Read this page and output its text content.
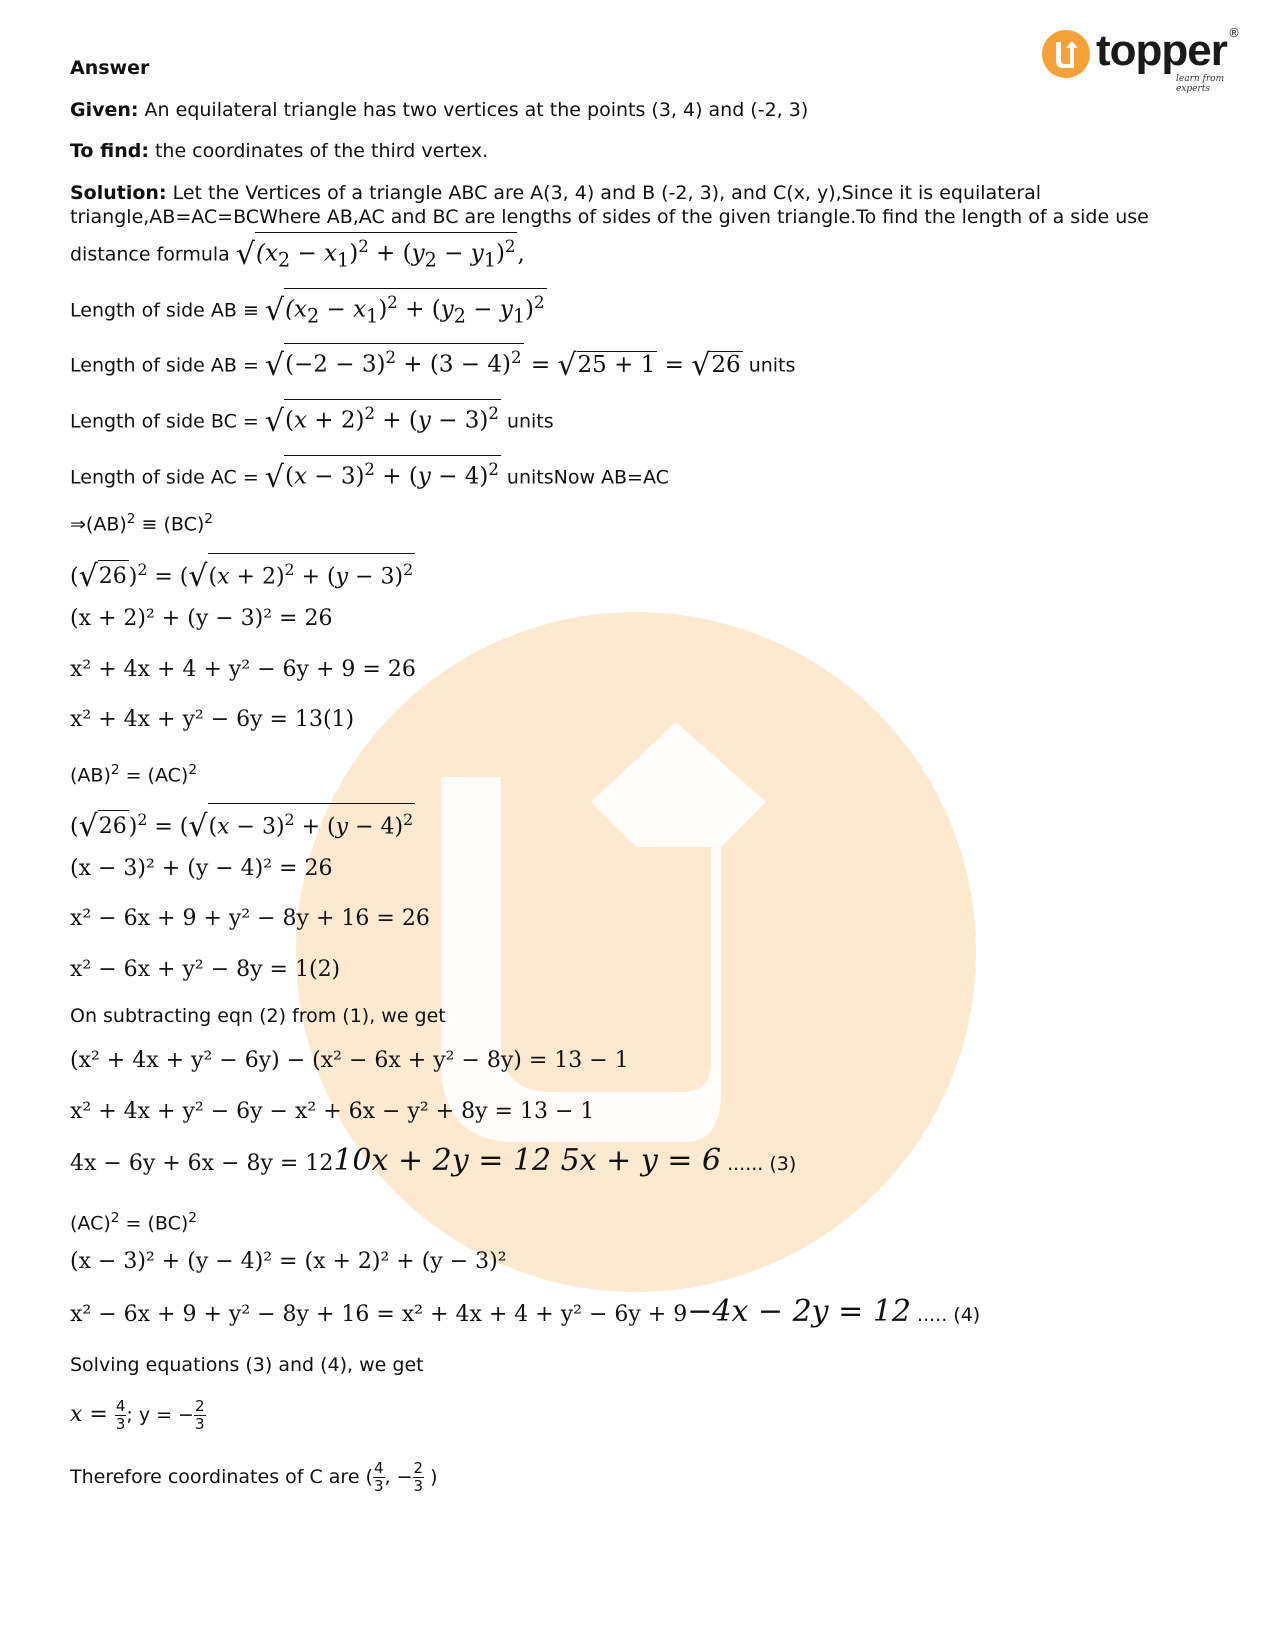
topper ®
learn from experts
Answer
Given: An equilateral triangle has two vertices at the points (3, 4) and (-2, 3)
To find: the coordinates of the third vertex.
Solution: Let the Vertices of a triangle ABC are A(3, 4) and B (-2, 3), and C(x, y),Since it is equilateral
triangle,AB=AC=BCWhere AB,AC and BC are lengths of sides of the given triangle.To find the length of a side use
distance formula $√(x_2 - x_1)^2 + (y_2 - y_1)^2$,
Length of side AB ≡ $√(x_2 - x_1)^2 + (y_2 - y_1)^2$
Length of side AB = $√(-2 - 3)^2 + (3 - 4)^2 = √25 + 1 = √26$ units
Length of side BC = $√(x + 2)^2 + (y - 3)^2$ units
Length of side AC = $√(x - 3)^2 + (y - 4)^2$ unitsNow AB=AC
⇒(AB)$^2$ ≡ (BC)$^2$
$(√26)^2 = (√(x + 2)^2 + (y - 3)^2$
(x + 2)² + (y − 3)² = 26
x² + 4x + 4 + y² − 6y + 9 = 26
x² + 4x + y² − 6y = 13(1)
(AB)$^2$ = (AC)$^2$
$(√26)^2 = (√(x - 3)^2 + (y - 4)^2$
(x − 3)² + (y − 4)² = 26
x² − 6x + 9 + y² − 8y + 16 = 26
x² − 6x + y² − 8y = 1(2)
On subtracting eqn (2) from (1), we get
(x² + 4x + y² − 6y) − (x² − 6x + y² − 8y) = 13 − 1
x² + 4x + y² − 6y − x² + 6x − y² + 8y = 13 − 1
4x − 6y + 6x − 8y = 1210x + 2y = 12 5x + y = 6 ...... (3)
(AC)$^2$ = (BC)$^2$
(x − 3)² + (y − 4)² = (x + 2)² + (y − 3)²
x² − 6x + 9 + y² − 8y + 16 = x² + 4x + 4 + y² − 6y + 9−4x − 2y = 12 ..... (4)
Solving equations (3) and (4), we get
$x = \frac{4}{3}$ ; y = − $\frac{2}{3}$
Therefore coordinates of C are ( $\frac{4}{3}$ , − $\frac{2}{3}$ )
